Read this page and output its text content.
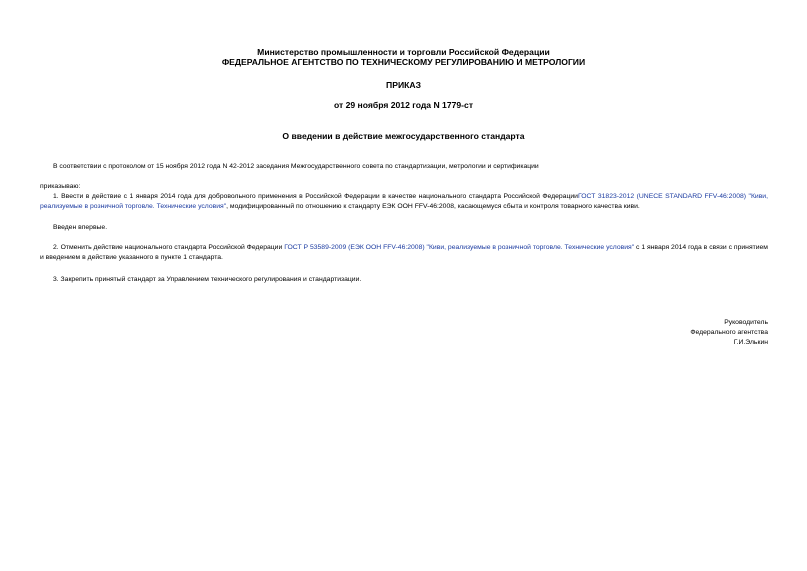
Министерство промышленности и торговли Российской Федерации
ФЕДЕРАЛЬНОЕ АГЕНТСТВО ПО ТЕХНИЧЕСКОМУ РЕГУЛИРОВАНИЮ И МЕТРОЛОГИИ
ПРИКАЗ
от 29 ноября 2012 года N 1779-ст
О введении в действие межгосударственного стандарта
В соответствии с протоколом от 15 ноября 2012 года N 42-2012 заседания Межгосударственного совета по стандартизации, метрологии и сертификации
приказываю:
1. Ввести в действие с 1 января 2014 года для добровольного применения в Российской Федерации в качестве национального стандарта Российской ФедерацииГОСТ 31823-2012 (UNECE STANDARD FFV-46:2008) "Киви, реализуемые в розничной торговле. Технические условия", модифицированный по отношению к стандарту ЕЭК ООН FFV-46:2008, касающемуся сбыта и контроля товарного качества киви.
Введен впервые.
2. Отменить действие национального стандарта Российской Федерации ГОСТ Р 53589-2009 (ЕЭК ООН FFV-46:2008) "Киви, реализуемые в розничной торговле. Технические условия" с 1 января 2014 года в связи с принятием и введением в действие указанного в пункте 1 стандарта.
3. Закрепить принятый стандарт за Управлением технического регулирования и стандартизации.
Руководитель
Федерального агентства
Г.И.Элькин
